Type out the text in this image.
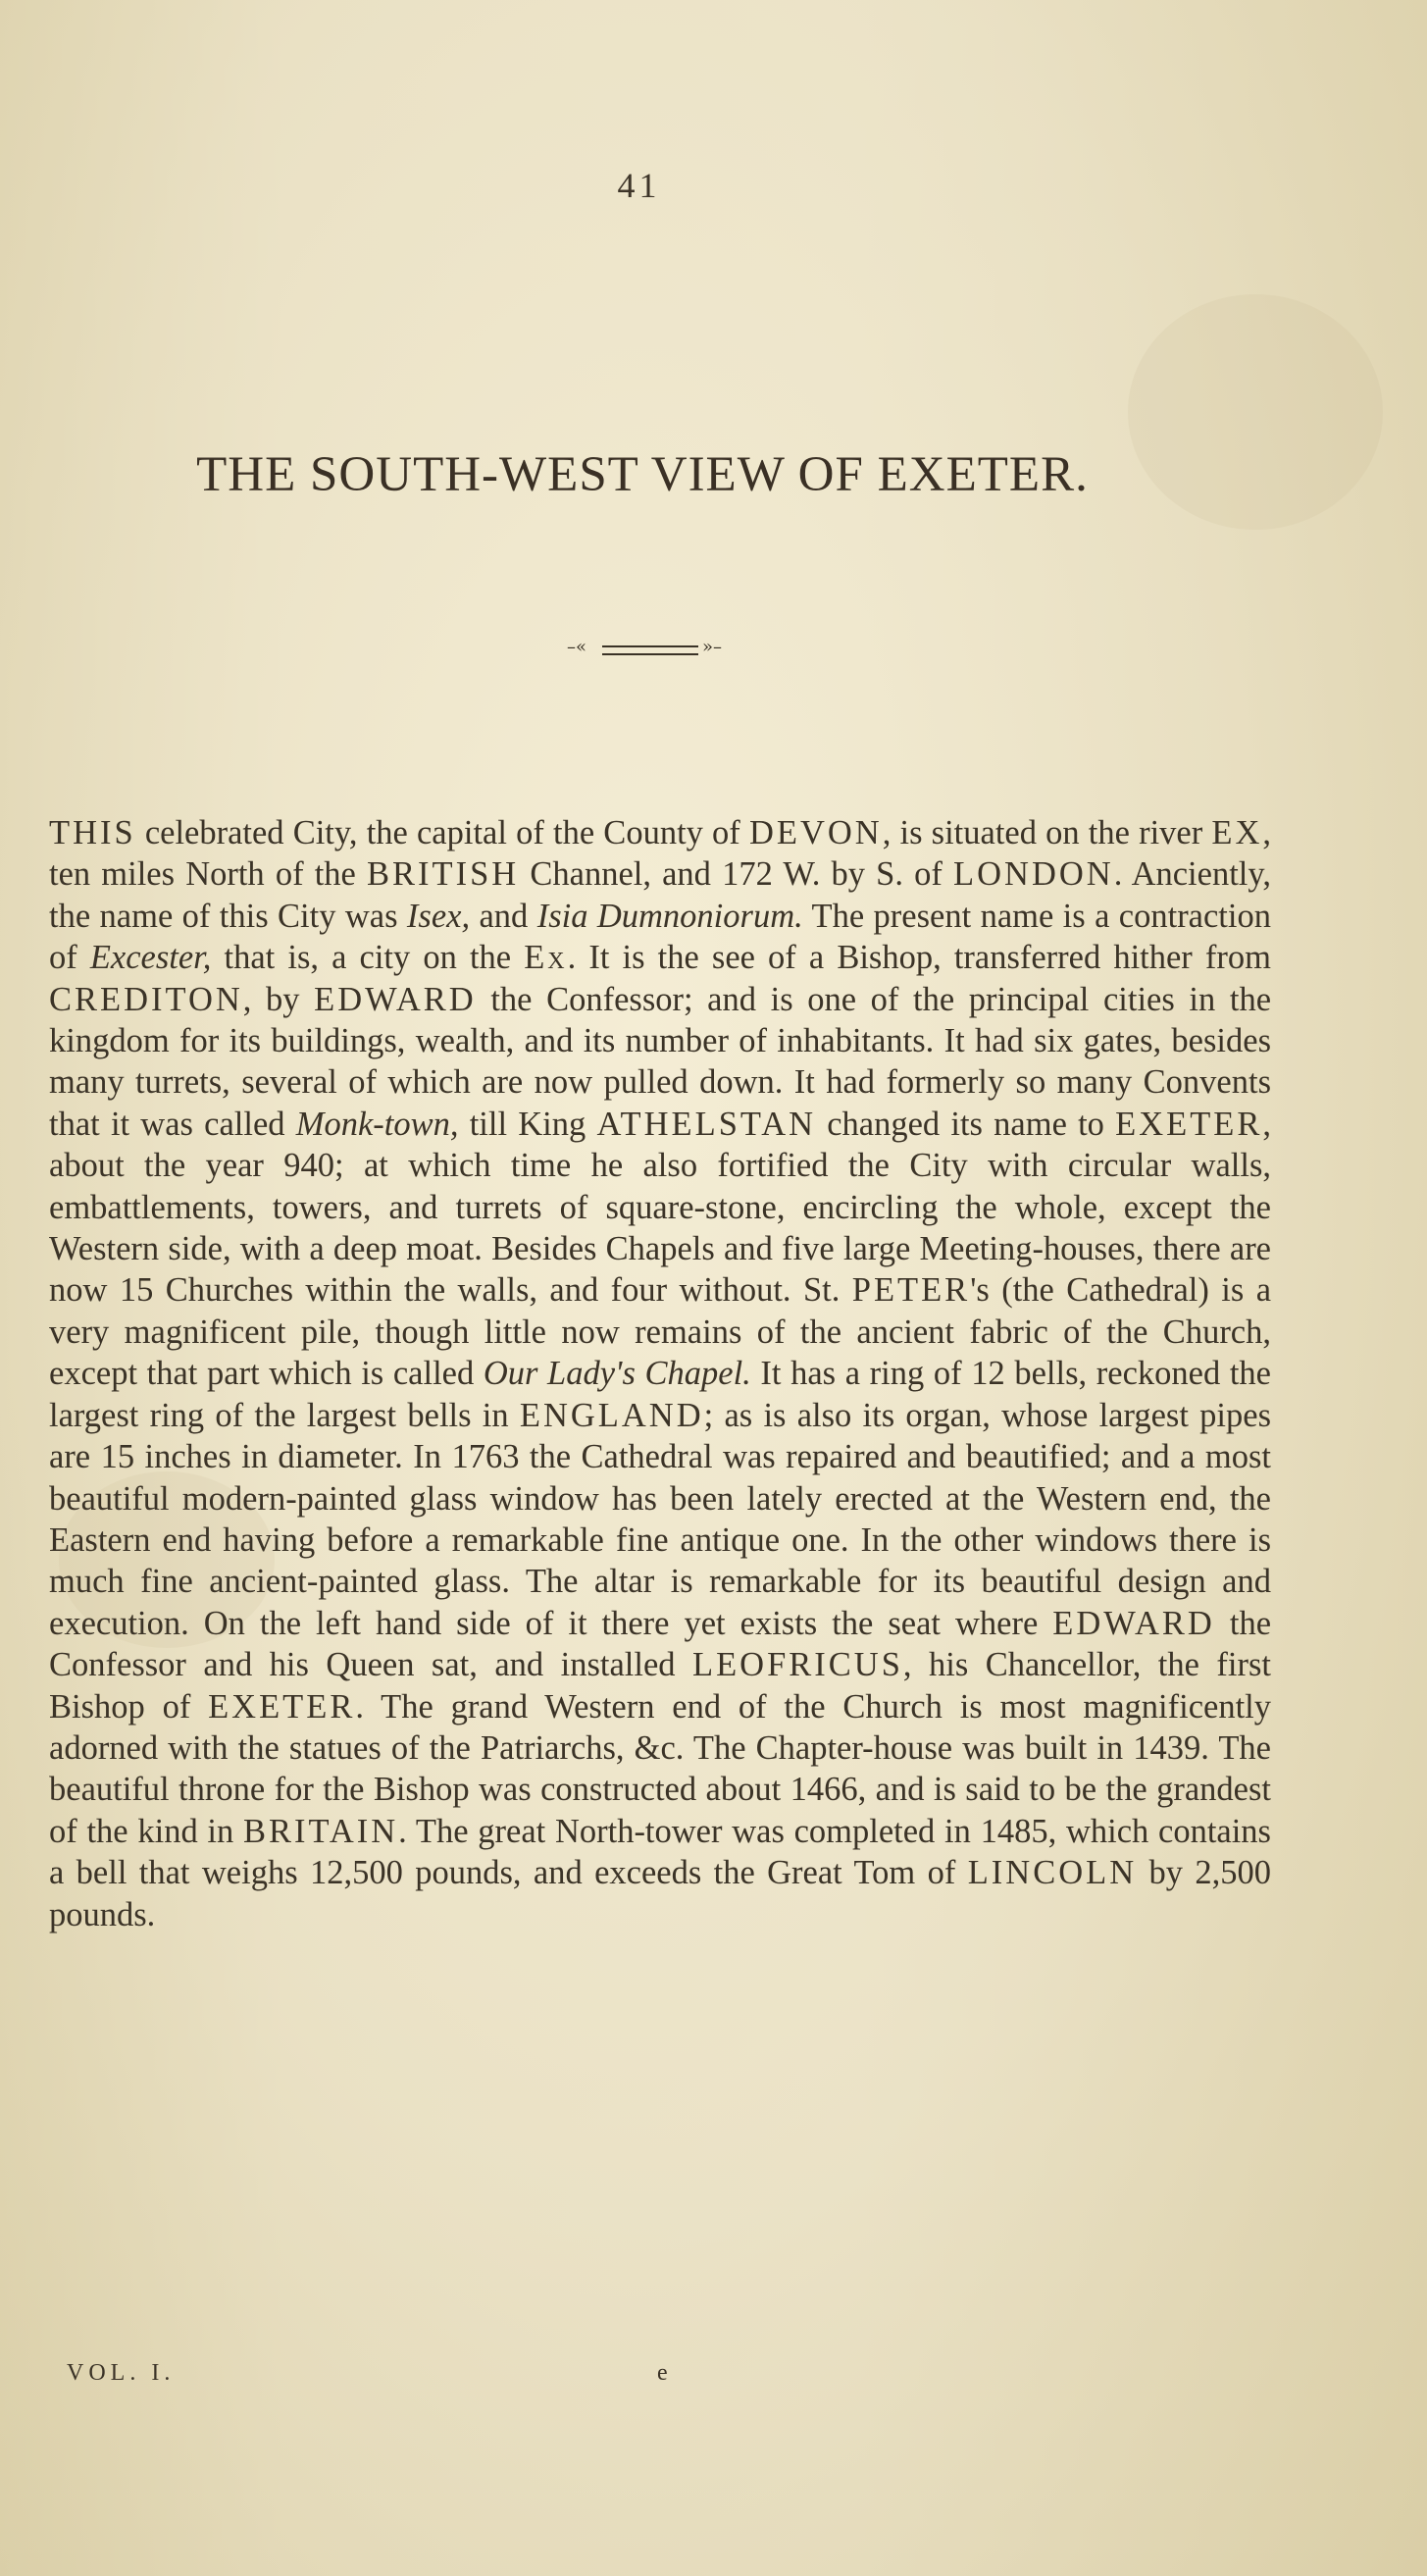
41
THE SOUTH-WEST VIEW OF EXETER.
–«	»–

THIS celebrated City, the capital of the County of DEVON, is situated on the river EX, ten miles North of the BRITISH Channel, and 172 W. by S. of LONDON. Anciently, the name of this City was Isex, and Isia Dumnoniorum. The present name is a contraction of Excester, that is, a city on the Ex. It is the see of a Bishop, transferred hither from CREDITON, by EDWARD the Confessor; and is one of the principal cities in the kingdom for its buildings, wealth, and its number of inhabitants. It had six gates, besides many turrets, several of which are now pulled down. It had formerly so many Convents that it was called Monk-town, till King ATHELSTAN changed its name to EXETER, about the year 940; at which time he also fortified the City with circular walls, embattlements, towers, and turrets of square-stone, encircling the whole, except the Western side, with a deep moat. Besides Chapels and five large Meeting-houses, there are now 15 Churches within the walls, and four without. St. PETER's (the Cathedral) is a very magnificent pile, though little now remains of the ancient fabric of the Church, except that part which is called Our Lady's Chapel. It has a ring of 12 bells, reckoned the largest ring of the largest bells in ENGLAND; as is also its organ, whose largest pipes are 15 inches in diameter. In 1763 the Cathedral was repaired and beautified; and a most beautiful modern-painted glass window has been lately erected at the Western end, the Eastern end having before a remarkable fine antique one. In the other windows there is much fine ancient-painted glass. The altar is remarkable for its beautiful design and execution. On the left hand side of it there yet exists the seat where EDWARD the Confessor and his Queen sat, and installed LEOFRICUS, his Chancellor, the first Bishop of EXETER. The grand Western end of the Church is most magnificently adorned with the statues of the Patriarchs, &c. The Chapter-house was built in 1439. The beautiful throne for the Bishop was constructed about 1466, and is said to be the grandest of the kind in BRITAIN. The great North-tower was completed in 1485, which contains a bell that weighs 12,500 pounds, and exceeds the Great Tom of LINCOLN by 2,500 pounds.

VOL. I.	e
